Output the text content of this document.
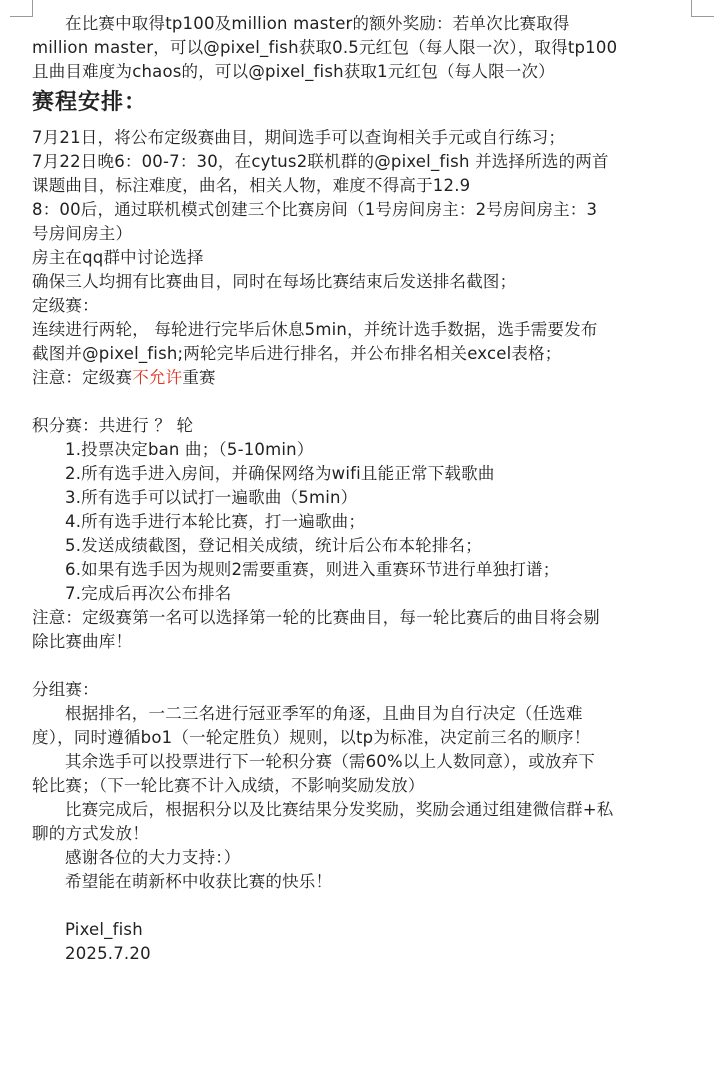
在比赛中取得tp100及million master的额外奖励：若单次比赛取得
million master，可以@pixel_fish获取0.5元红包（每人限一次），取得tp100
且曲目难度为chaos的，可以@pixel_fish获取1元红包（每人限一次）
赛程安排：
7月21日，将公布定级赛曲目，期间选手可以查询相关手元或自行练习；
7月22日晚6：00-7：30，在cytus2联机群的@pixel_fish 并选择所选的两首
课题曲目，标注难度，曲名，相关人物，难度不得高于12.9
8：00后，通过联机模式创建三个比赛房间（1号房间房主：2号房间房主：3
号房间房主）
房主在qq群中讨论选择
确保三人均拥有比赛曲目，同时在每场比赛结束后发送排名截图；
定级赛：
连续进行两轮， 每轮进行完毕后休息5min，并统计选手数据，选手需要发布
截图并@pixel_fish;两轮完毕后进行排名，并公布排名相关excel表格；
注意：定级赛不允许重赛
积分赛：共进行 ？ 轮
1.投票决定ban 曲；（5-10min）
2.所有选手进入房间，并确保网络为wifi且能正常下载歌曲
3.所有选手可以试打一遍歌曲（5min）
4.所有选手进行本轮比赛，打一遍歌曲；
5.发送成绩截图，登记相关成绩，统计后公布本轮排名；
6.如果有选手因为规则2需要重赛，则进入重赛环节进行单独打谱；
7.完成后再次公布排名
注意：定级赛第一名可以选择第一轮的比赛曲目，每一轮比赛后的曲目将会剔
除比赛曲库！
分组赛：
根据排名，一二三名进行冠亚季军的角逐，且曲目为自行决定（任选难
度），同时遵循bo1（一轮定胜负）规则，以tp为标准，决定前三名的顺序！
其余选手可以投票进行下一轮积分赛（需60%以上人数同意），或放弃下
轮比赛；（下一轮比赛不计入成绩，不影响奖励发放）
比赛完成后，根据积分以及比赛结果分发奖励，奖励会通过组建微信群+私
聊的方式发放！
感谢各位的大力支持：）
希望能在萌新杯中收获比赛的快乐！
Pixel_fish
2025.7.20
